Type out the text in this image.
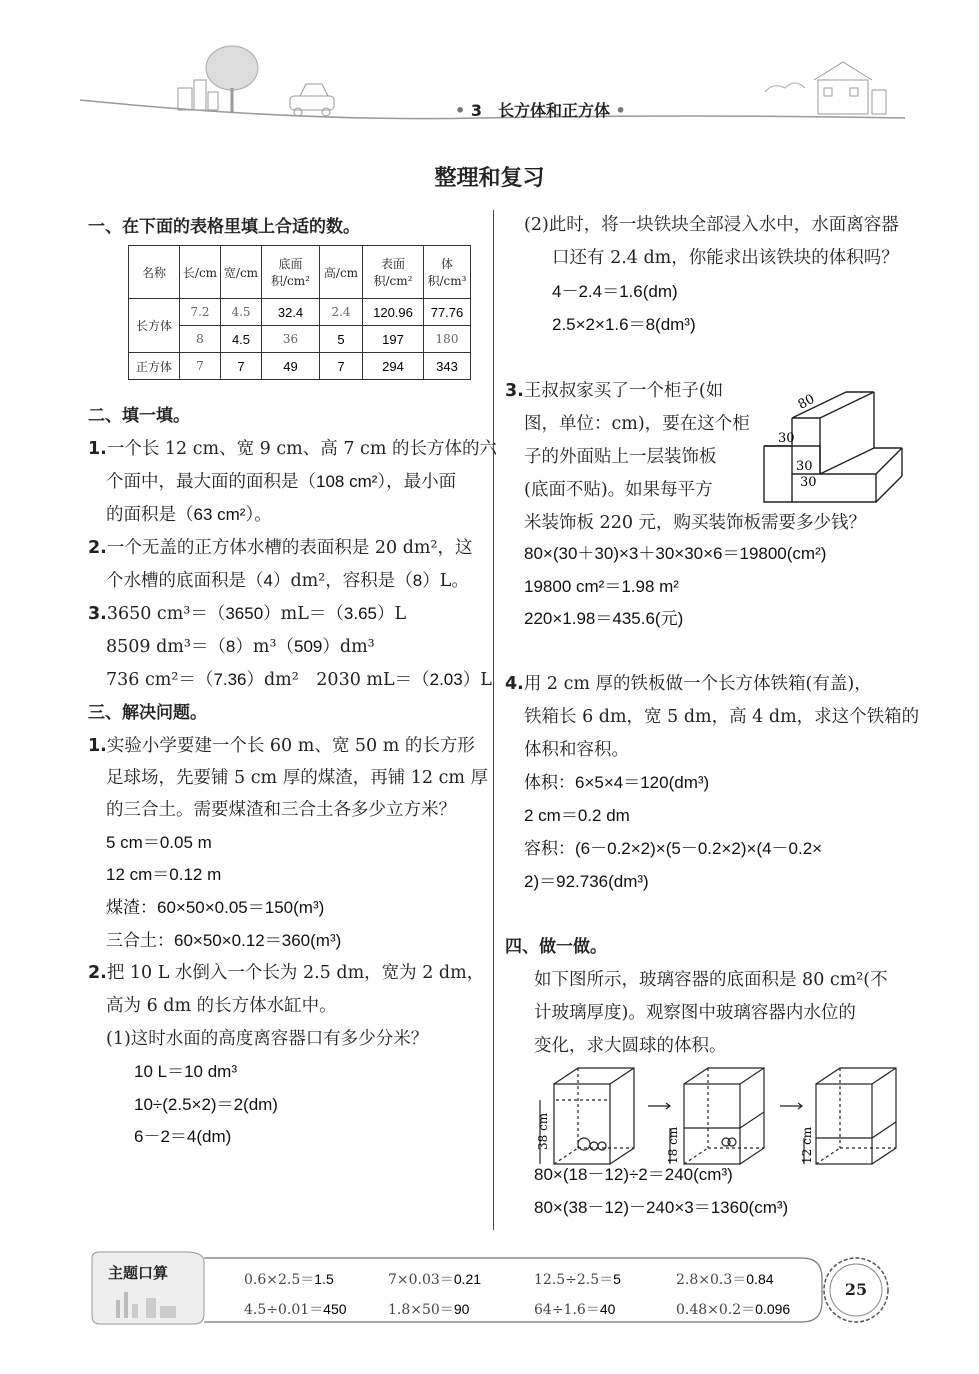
• 3　长方体和正方体 •
整理和复习
一、在下面的表格里填上合适的数。
名称	长/cm	宽/cm	底面积/cm²	高/cm	表面积/cm²	体积/cm³
长方体	7.2	4.5	32.4	2.4	120.96	77.76
	8	4.5	36	5	197	180
正方体	7	7	49	7	294	343
二、填一填。
1.一个长 12 cm、宽 9 cm、高 7 cm 的长方体的六
个面中，最大面的面积是（108 cm²），最小面
的面积是（63 cm²）。
2.一个无盖的正方体水槽的表面积是 20 dm²，这
个水槽的底面积是（4）dm²，容积是（8）L。
3.3650 cm³＝（3650）mL＝（3.65）L
8509 dm³＝（8）m³（509）dm³
736 cm²＝（7.36）dm²　2030 mL＝（2.03）L
三、解决问题。
1.实验小学要建一个长 60 m、宽 50 m 的长方形
足球场，先要铺 5 cm 厚的煤渣，再铺 12 cm 厚
的三合土。需要煤渣和三合土各多少立方米？
5 cm＝0.05 m
12 cm＝0.12 m
煤渣：60×50×0.05＝150(m³)
三合土：60×50×0.12＝360(m³)
2.把 10 L 水倒入一个长为 2.5 dm，宽为 2 dm，
高为 6 dm 的长方体水缸中。
(1)这时水面的高度离容器口有多少分米？
10 L＝10 dm³
10÷(2.5×2)＝2(dm)
6－2＝4(dm)
(2)此时，将一块铁块全部浸入水中，水面离容器
口还有 2.4 dm，你能求出该铁块的体积吗？
4－2.4＝1.6(dm)
2.5×2×1.6＝8(dm³)
3.王叔叔家买了一个柜子(如
图，单位：cm)，要在这个柜
子的外面贴上一层装饰板
(底面不贴)。如果每平方
米装饰板 220 元，购买装饰板需要多少钱？
80
30
30
30
80×(30＋30)×3＋30×30×6＝19800(cm²)
19800 cm²＝1.98 m²
220×1.98＝435.6(元)
4.用 2 cm 厚的铁板做一个长方体铁箱(有盖)，
铁箱长 6 dm，宽 5 dm，高 4 dm，求这个铁箱的
体积和容积。
体积：6×5×4＝120(dm³)
2 cm＝0.2 dm
容积：(6－0.2×2)×(5－0.2×2)×(4－0.2×
2)＝92.736(dm³)
四、做一做。
如下图所示，玻璃容器的底面积是 80 cm²(不
计玻璃厚度)。观察图中玻璃容器内水位的
变化，求大圆球的体积。
38 cm	18 cm	12 cm
80×(18－12)÷2＝240(cm³)
80×(38－12)－240×3＝1360(cm³)
主题口算	0.6×2.5＝1.5	7×0.03＝0.21	12.5÷2.5＝5	2.8×0.3＝0.84
4.5÷0.01＝450	1.8×50＝90	64÷1.6＝40	0.48×0.2＝0.096
25
